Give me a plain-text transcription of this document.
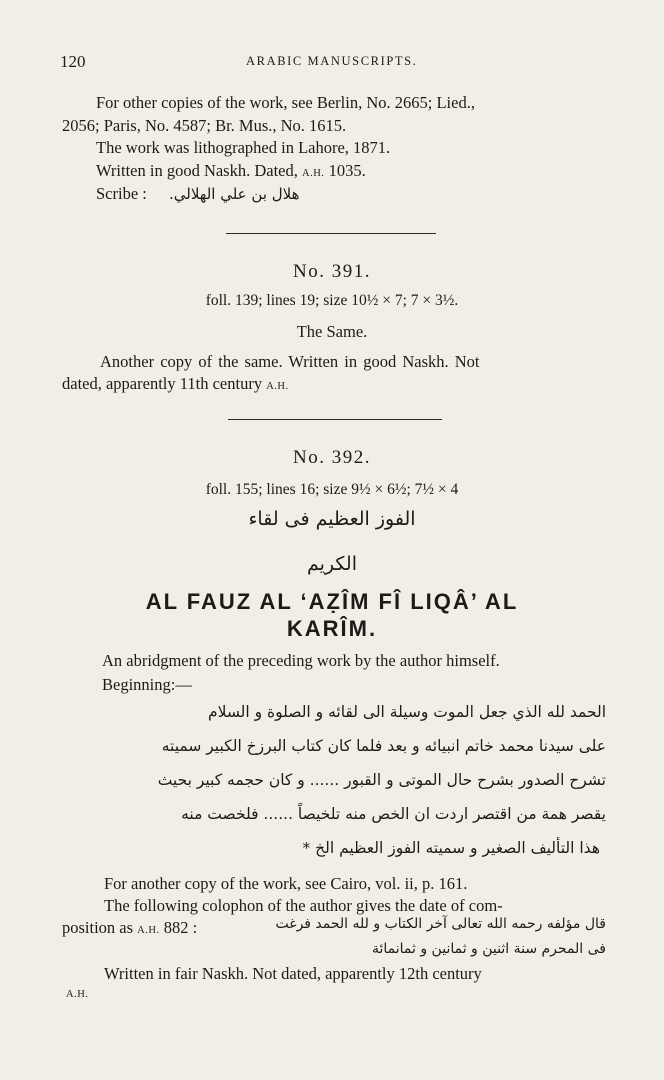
120	ARABIC MANUSCRIPTS.
For other copies of the work, see Berlin, No. 2665; Lied.,
2056; Paris, No. 4587; Br. Mus., No. 1615.
The work was lithographed in Lahore, 1871.
Written in good Naskh. Dated, A.H. 1035.
Scribe : هلال بن علي الهلالي.
No. 391.
foll. 139; lines 19; size 10½ × 7; 7 × 3½.
The Same.
Another copy of the same. Written in good Naskh. Not
dated, apparently 11th century A.H.
No. 392.
foll. 155; lines 16; size 9½ × 6½; 7½ × 4
الفوز العظيم فى لقاء
الكريم
AL FAUZ AL ‘AẒÎM FÎ LIQÂ’ AL
KARÎM.
An abridgment of the preceding work by the author himself.
Beginning:—
الحمد لله الذي جعل الموت وسيلة الى لقائه و الصلوة و السلام
على سيدنا محمد خاتم انبيائه و بعد فلما كان كتاب البرزخ الكبير سميته
تشرح الصدور بشرح حال الموتى و القبور ...... و كان حجمه كبير بحيث
يقصر همة من اقتصر اردت ان الخص منه تلخيصاً ...... فلخصت منه
هذا التأليف الصغير و سميته الفوز العظيم الخ *
For another copy of the work, see Cairo, vol. ii, p. 161.
The following colophon of the author gives the date of com-
position as A.H. 882 :	قال مؤلفه رحمه الله تعالى آخر الكتاب و لله الحمد فرغت
فى المحرم سنة اثنين و ثمانين و ثمانمائة
Written in fair Naskh. Not dated, apparently 12th century
A.H.
